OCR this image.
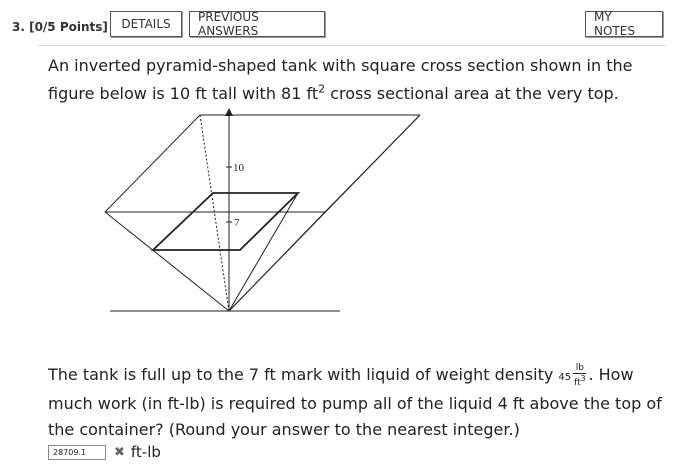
3. [0/5 Points]	DETAILS	PREVIOUS ANSWERS
MY NOTES
An inverted pyramid-shaped tank with square cross section shown in the figure below is 10 ft tall with 81 $ft^2$ cross sectional area at the very top.
10
7
The tank is full up to the 7 ft mark with liquid of weight density $45 \frac{lb}{ft^3}$ . How much work (in ft-lb) is required to pump all of the liquid 4 ft above the top of the container? (Round your answer to the nearest integer.)
28709.1	✖ ft-lb
